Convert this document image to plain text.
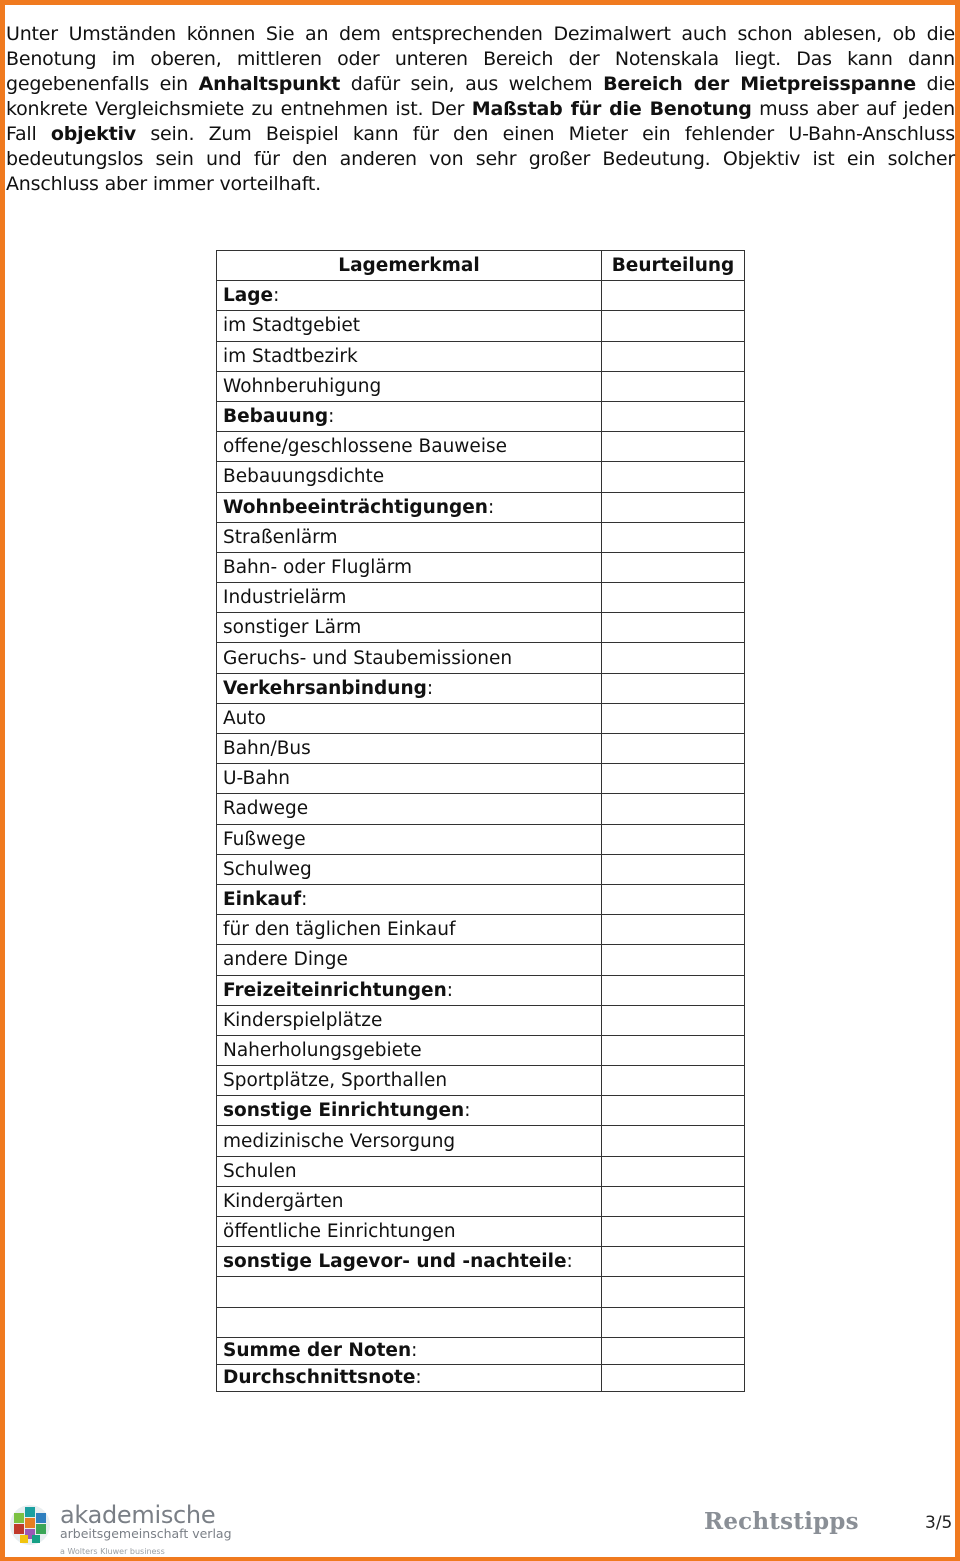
Unter Umständen können Sie an dem entsprechenden Dezimalwert auch schon ablesen, ob die Benotung im oberen, mittleren oder unteren Bereich der Notenskala liegt. Das kann dann gegebenenfalls ein Anhaltspunkt dafür sein, aus welchem Bereich der Mietpreisspanne die konkrete Vergleichsmiete zu entnehmen ist. Der Maßstab für die Benotung muss aber auf jeden Fall objektiv sein. Zum Beispiel kann für den einen Mieter ein fehlender U-Bahn-Anschluss bedeutungslos sein und für den anderen von sehr großer Bedeutung. Objektiv ist ein solcher Anschluss aber immer vorteilhaft.

Lagemerkmal	Beurteilung
Lage:	
im Stadtgebiet	
im Stadtbezirk	
Wohnberuhigung	
Bebauung:	
offene/geschlossene Bauweise	
Bebauungsdichte	
Wohnbeeinträchtigungen:	
Straßenlärm	
Bahn- oder Fluglärm	
Industrielärm	
sonstiger Lärm	
Geruchs- und Staubemissionen	
Verkehrsanbindung:	
Auto	
Bahn/Bus	
U-Bahn	
Radwege	
Fußwege	
Schulweg	
Einkauf:	
für den täglichen Einkauf	
andere Dinge	
Freizeiteinrichtungen:	
Kinderspielplätze	
Naherholungsgebiete	
Sportplätze, Sporthallen	
sonstige Einrichtungen:	
medizinische Versorgung	
Schulen	
Kindergärten	
öffentliche Einrichtungen	
sonstige Lagevor- und -nachteile:	

Summe der Noten:	
Durchschnittsnote:	
akademische
arbeitsgemeinschaft verlag
a Wolters Kluwer business
Rechtstipps	3/5
